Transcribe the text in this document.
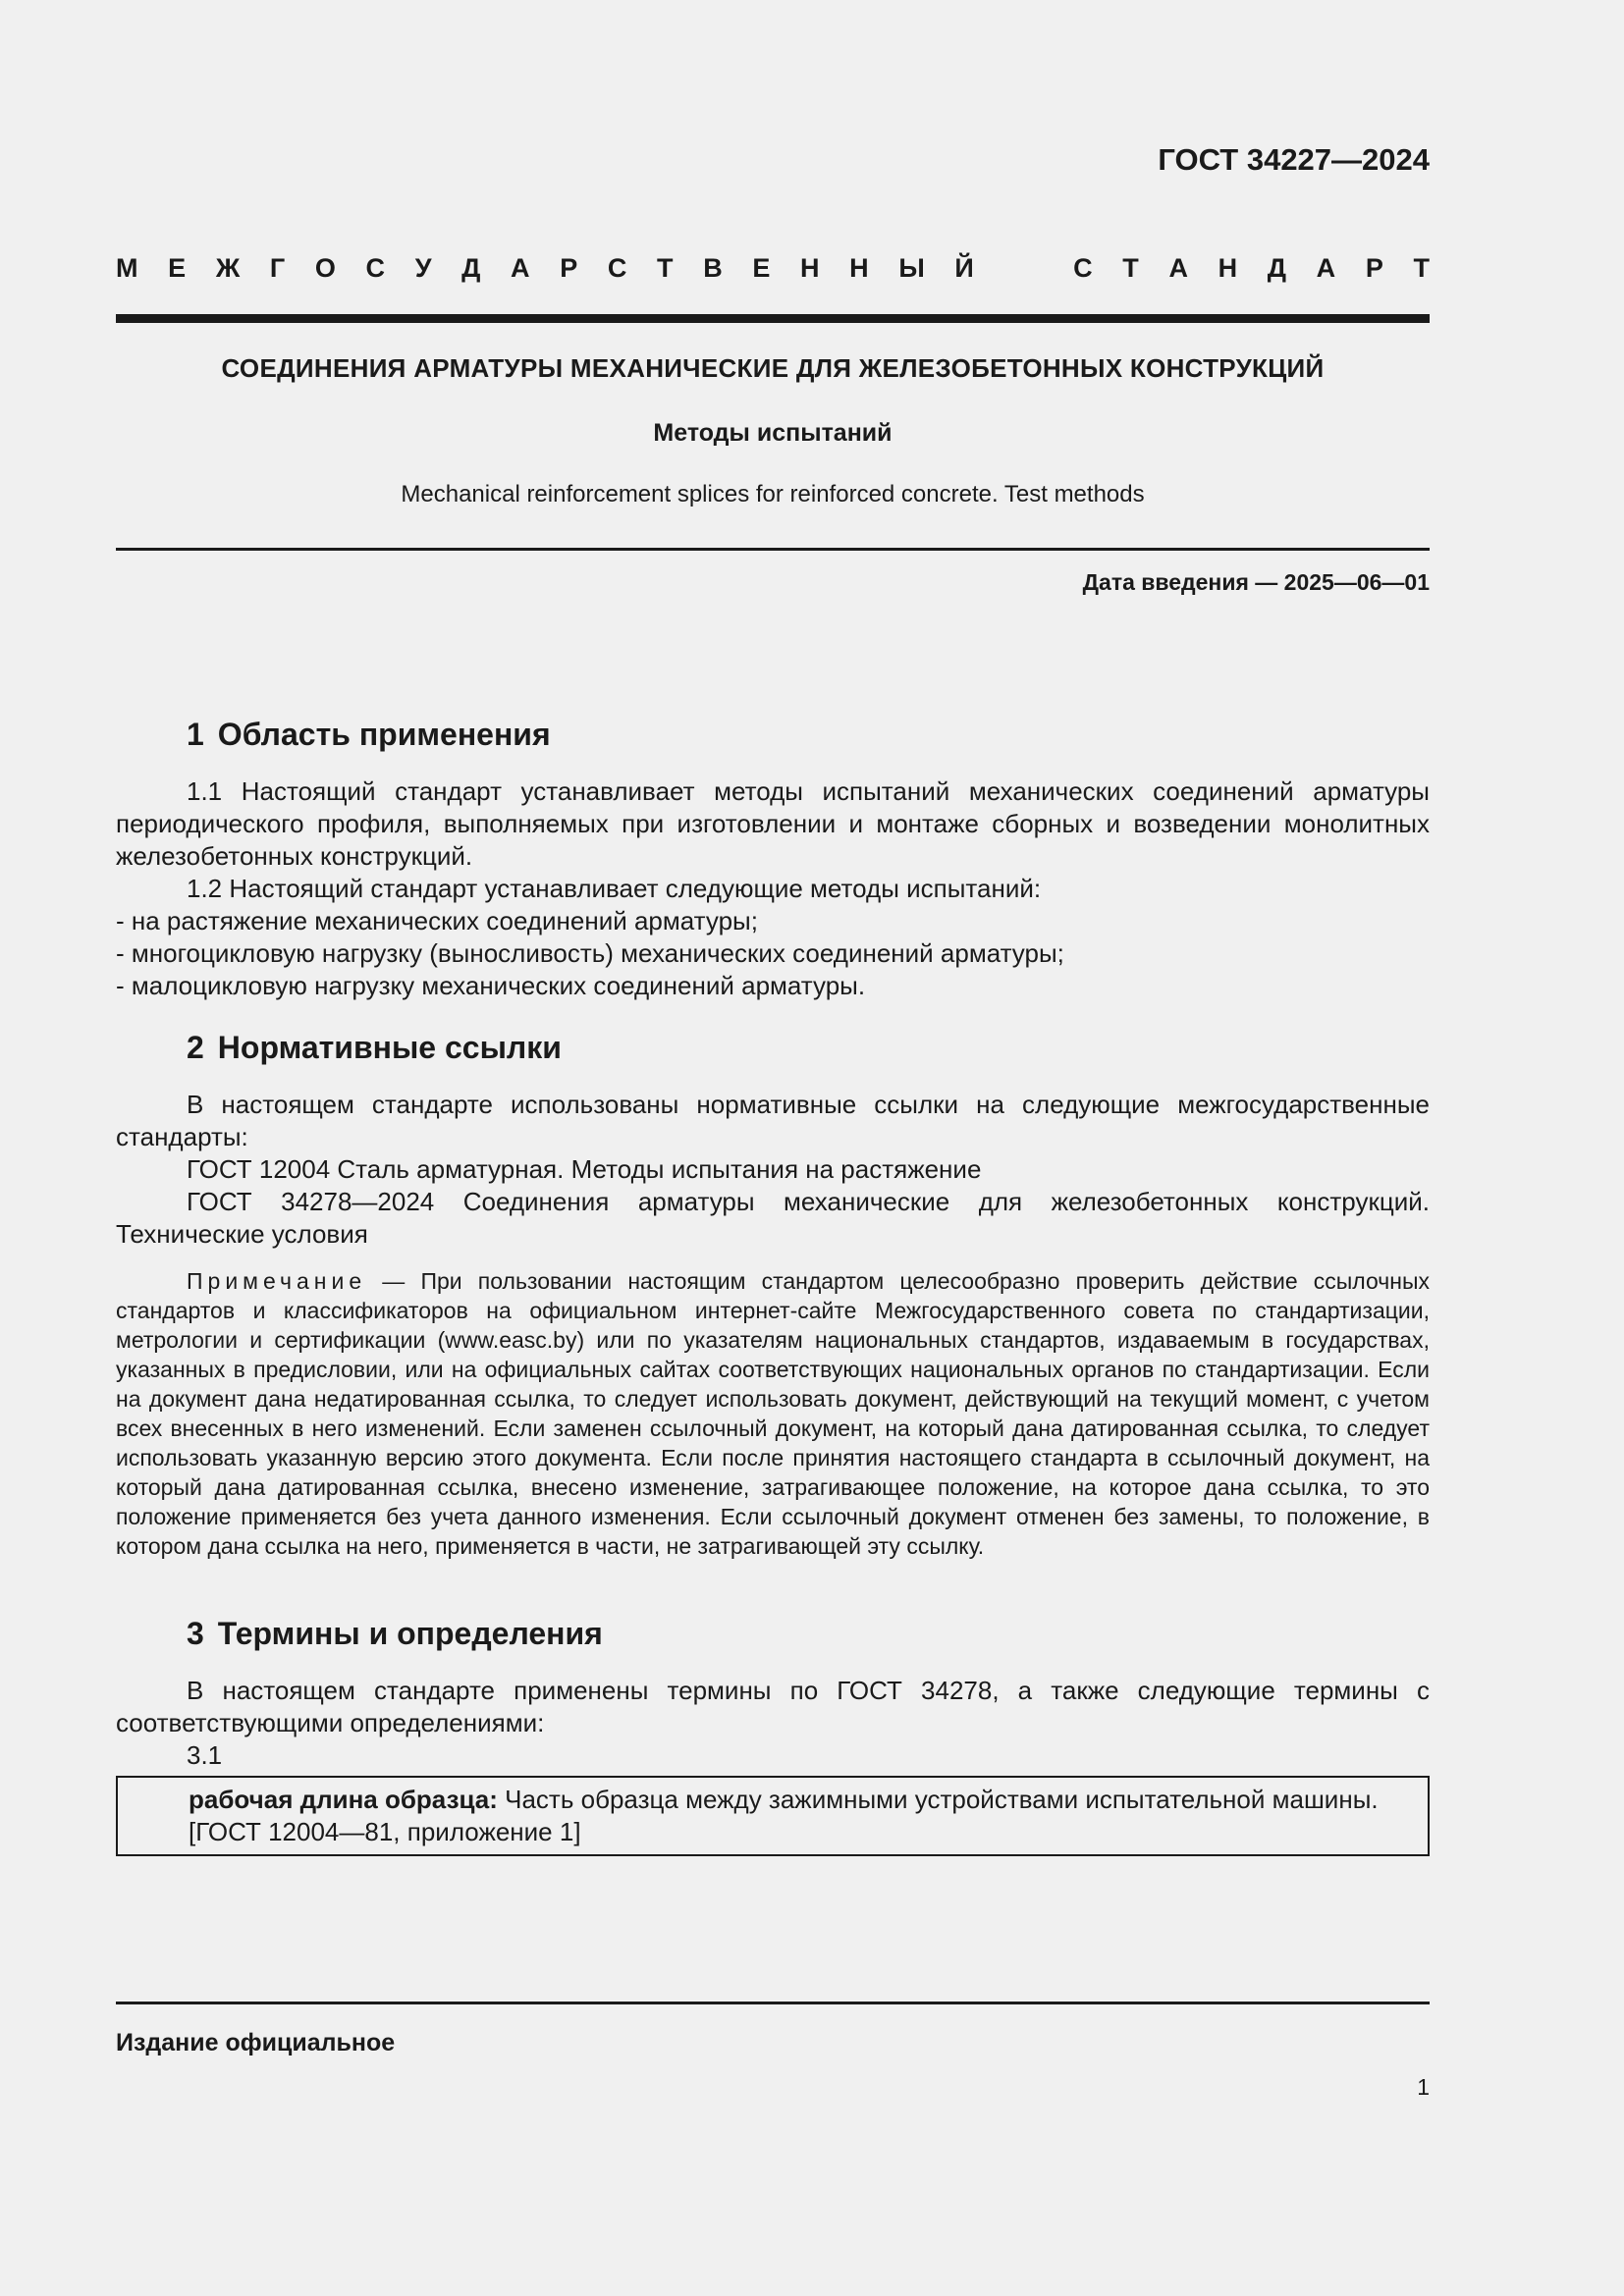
ГОСТ 34227—2024
М Е Ж Г О С У Д А Р С Т В Е Н Н Ы Й	С Т А Н Д А Р Т
СОЕДИНЕНИЯ АРМАТУРЫ МЕХАНИЧЕСКИЕ ДЛЯ ЖЕЛЕЗОБЕТОННЫХ КОНСТРУКЦИЙ
Методы испытаний
Mechanical reinforcement splices for reinforced concrete. Test methods
Дата введения — 2025—06—01
1 Область применения

1.1 Настоящий стандарт устанавливает методы испытаний механических соединений арматуры периодического профиля, выполняемых при изготовлении и монтаже сборных и возведении монолитных железобетонных конструкций.

1.2 Настоящий стандарт устанавливает следующие методы испытаний:

- на растяжение механических соединений арматуры;

- многоцикловую нагрузку (выносливость) механических соединений арматуры;

- малоцикловую нагрузку механических соединений арматуры.

2 Нормативные ссылки

В настоящем стандарте использованы нормативные ссылки на следующие межгосударственные стандарты:

ГОСТ 12004 Сталь арматурная. Методы испытания на растяжение

ГОСТ 34278—2024 Соединения арматуры механические для железобетонных конструкций. Технические условия

Примечание — При пользовании настоящим стандартом целесообразно проверить действие ссылочных стандартов и классификаторов на официальном интернет-сайте Межгосударственного совета по стандартизации, метрологии и сертификации (www.easc.by) или по указателям национальных стандартов, издаваемым в государствах, указанных в предисловии, или на официальных сайтах соответствующих национальных органов по стандартизации. Если на документ дана недатированная ссылка, то следует использовать документ, действующий на текущий момент, с учетом всех внесенных в него изменений. Если заменен ссылочный документ, на который дана датированная ссылка, то следует использовать указанную версию этого документа. Если после принятия настоящего стандарта в ссылочный документ, на который дана датированная ссылка, внесено изменение, затрагивающее положение, на которое дана ссылка, то это положение применяется без учета данного изменения. Если ссылочный документ отменен без замены, то положение, в котором дана ссылка на него, применяется в части, не затрагивающей эту ссылку.

3 Термины и определения

В настоящем стандарте применены термины по ГОСТ 34278, а также следующие термины с соответствующими определениями:

3.1

рабочая длина образца: Часть образца между зажимными устройствами испытательной машины.

[ГОСТ 12004—81, приложение 1]

Издание официальное
1
